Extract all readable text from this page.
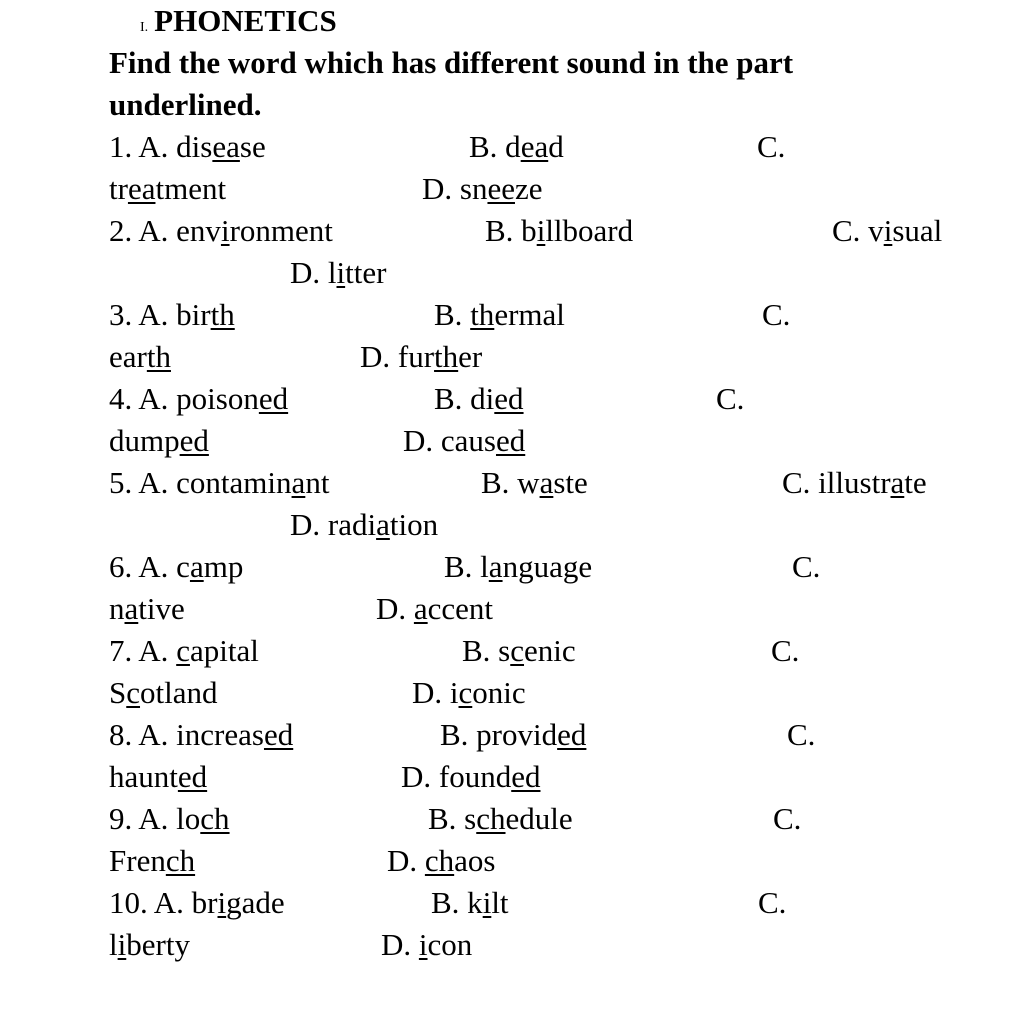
I. PHONETICS
Find the word which has different sound in the part
underlined.
1. A. disease	B. dead	C.
treatment	D. sneeze
2. A. environment	B. billboard	C. visual
D. litter
3. A. birth	B. thermal	C.
earth	D. further
4. A. poisoned	B. died	C.
dumped	D. caused
5. A. contaminant	B. waste	C. illustrate
D. radiation
6. A. camp	B. language	C.
native	D. accent
7. A. capital	B. scenic	C.
Scotland	D. iconic
8. A. increased	B. provided	C.
haunted	D. founded
9. A. loch	B. schedule	C.
French	D. chaos
10. A. brigade	B. kilt	C.
liberty	D. icon
